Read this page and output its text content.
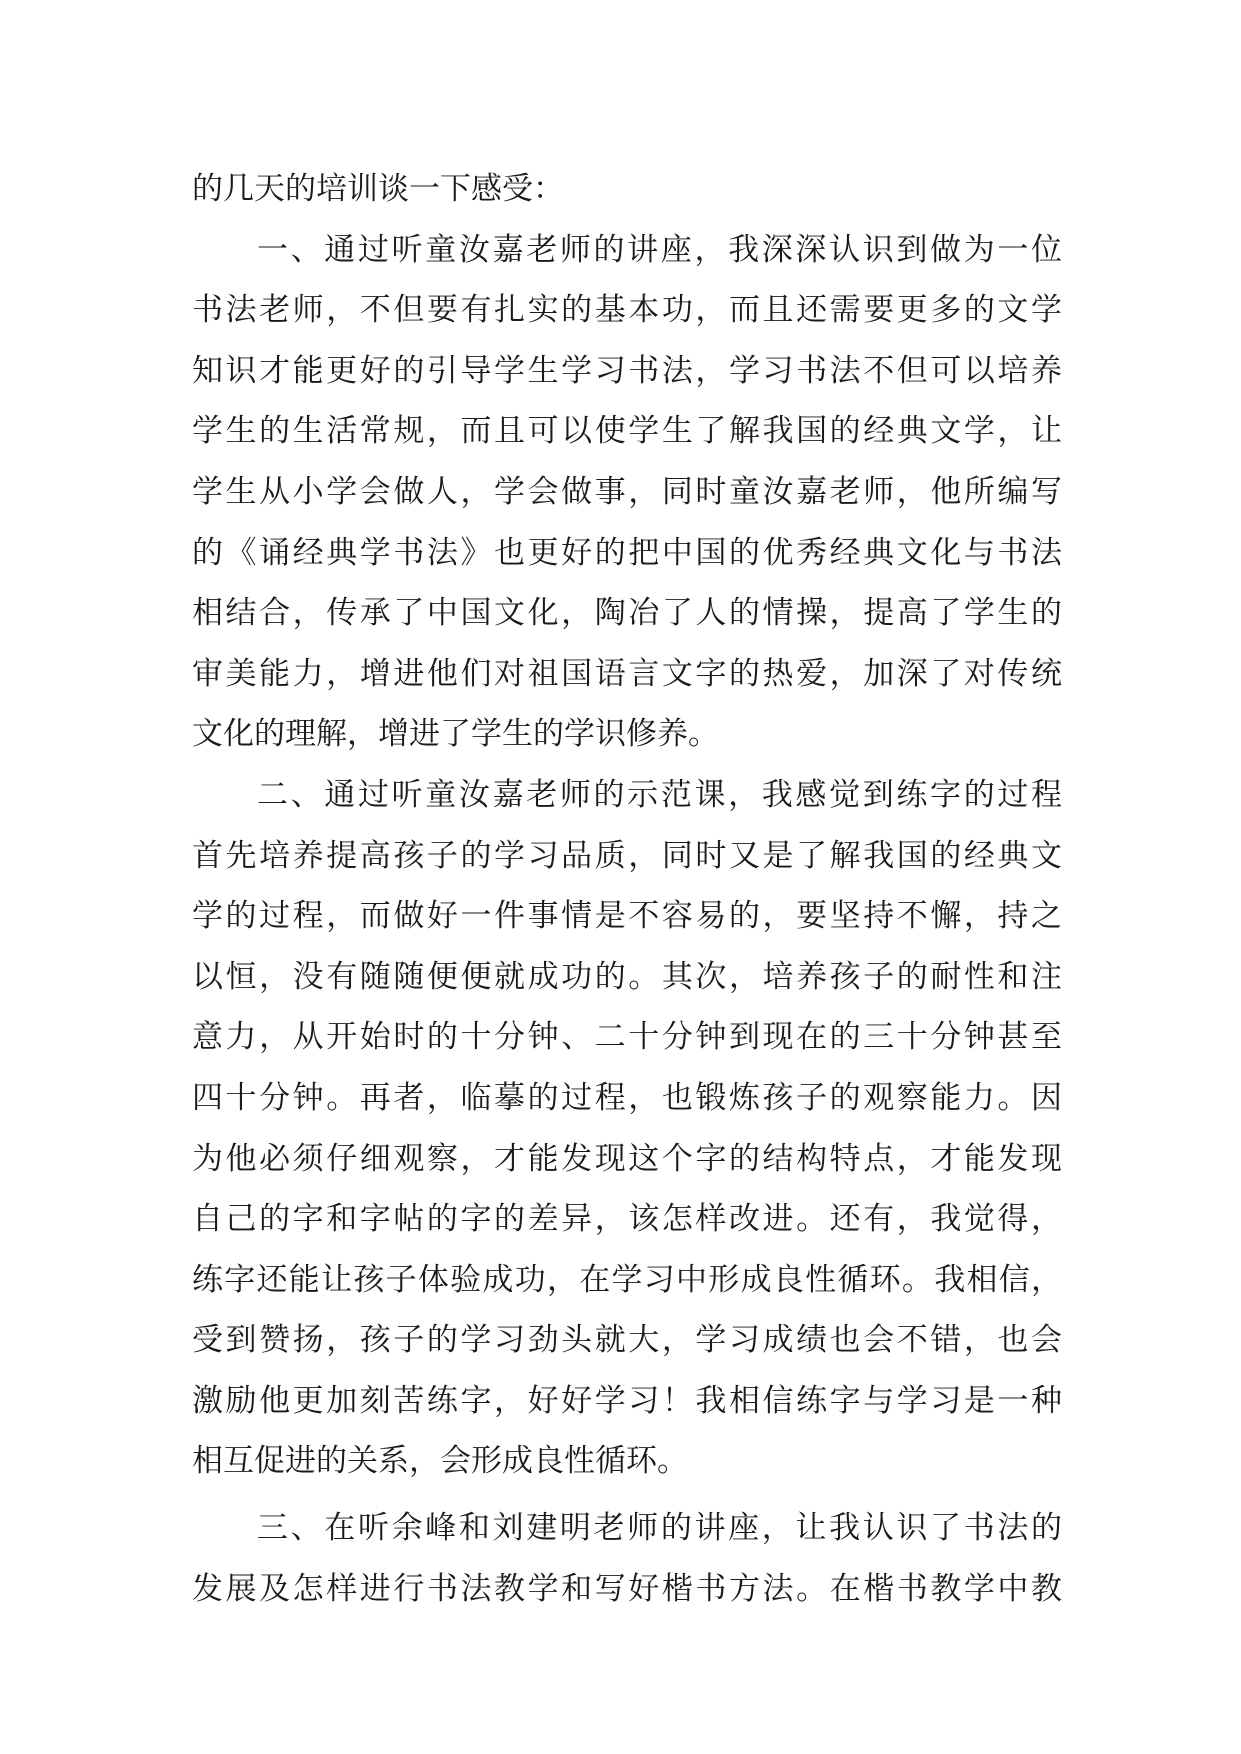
的几天的培训谈一下感受：
一、通过听童汝嘉老师的讲座，我深深认识到做为一位
书法老师，不但要有扎实的基本功，而且还需要更多的文学
知识才能更好的引导学生学习书法，学习书法不但可以培养
学生的生活常规，而且可以使学生了解我国的经典文学，让
学生从小学会做人，学会做事，同时童汝嘉老师，他所编写
的《诵经典学书法》也更好的把中国的优秀经典文化与书法
相结合，传承了中国文化，陶冶了人的情操，提高了学生的
审美能力，增进他们对祖国语言文字的热爱，加深了对传统
文化的理解，增进了学生的学识修养。
二、通过听童汝嘉老师的示范课，我感觉到练字的过程
首先培养提高孩子的学习品质，同时又是了解我国的经典文
学的过程，而做好一件事情是不容易的，要坚持不懈，持之
以恒，没有随随便便就成功的。其次，培养孩子的耐性和注
意力，从开始时的十分钟、二十分钟到现在的三十分钟甚至
四十分钟。再者，临摹的过程，也锻炼孩子的观察能力。因
为他必须仔细观察，才能发现这个字的结构特点，才能发现
自己的字和字帖的字的差异，该怎样改进。还有，我觉得，
练字还能让孩子体验成功，在学习中形成良性循环。我相信，
受到赞扬，孩子的学习劲头就大，学习成绩也会不错，也会
激励他更加刻苦练字，好好学习！我相信练字与学习是一种
相互促进的关系，会形成良性循环。
三、在听余峰和刘建明老师的讲座，让我认识了书法的
发展及怎样进行书法教学和写好楷书方法。在楷书教学中教
